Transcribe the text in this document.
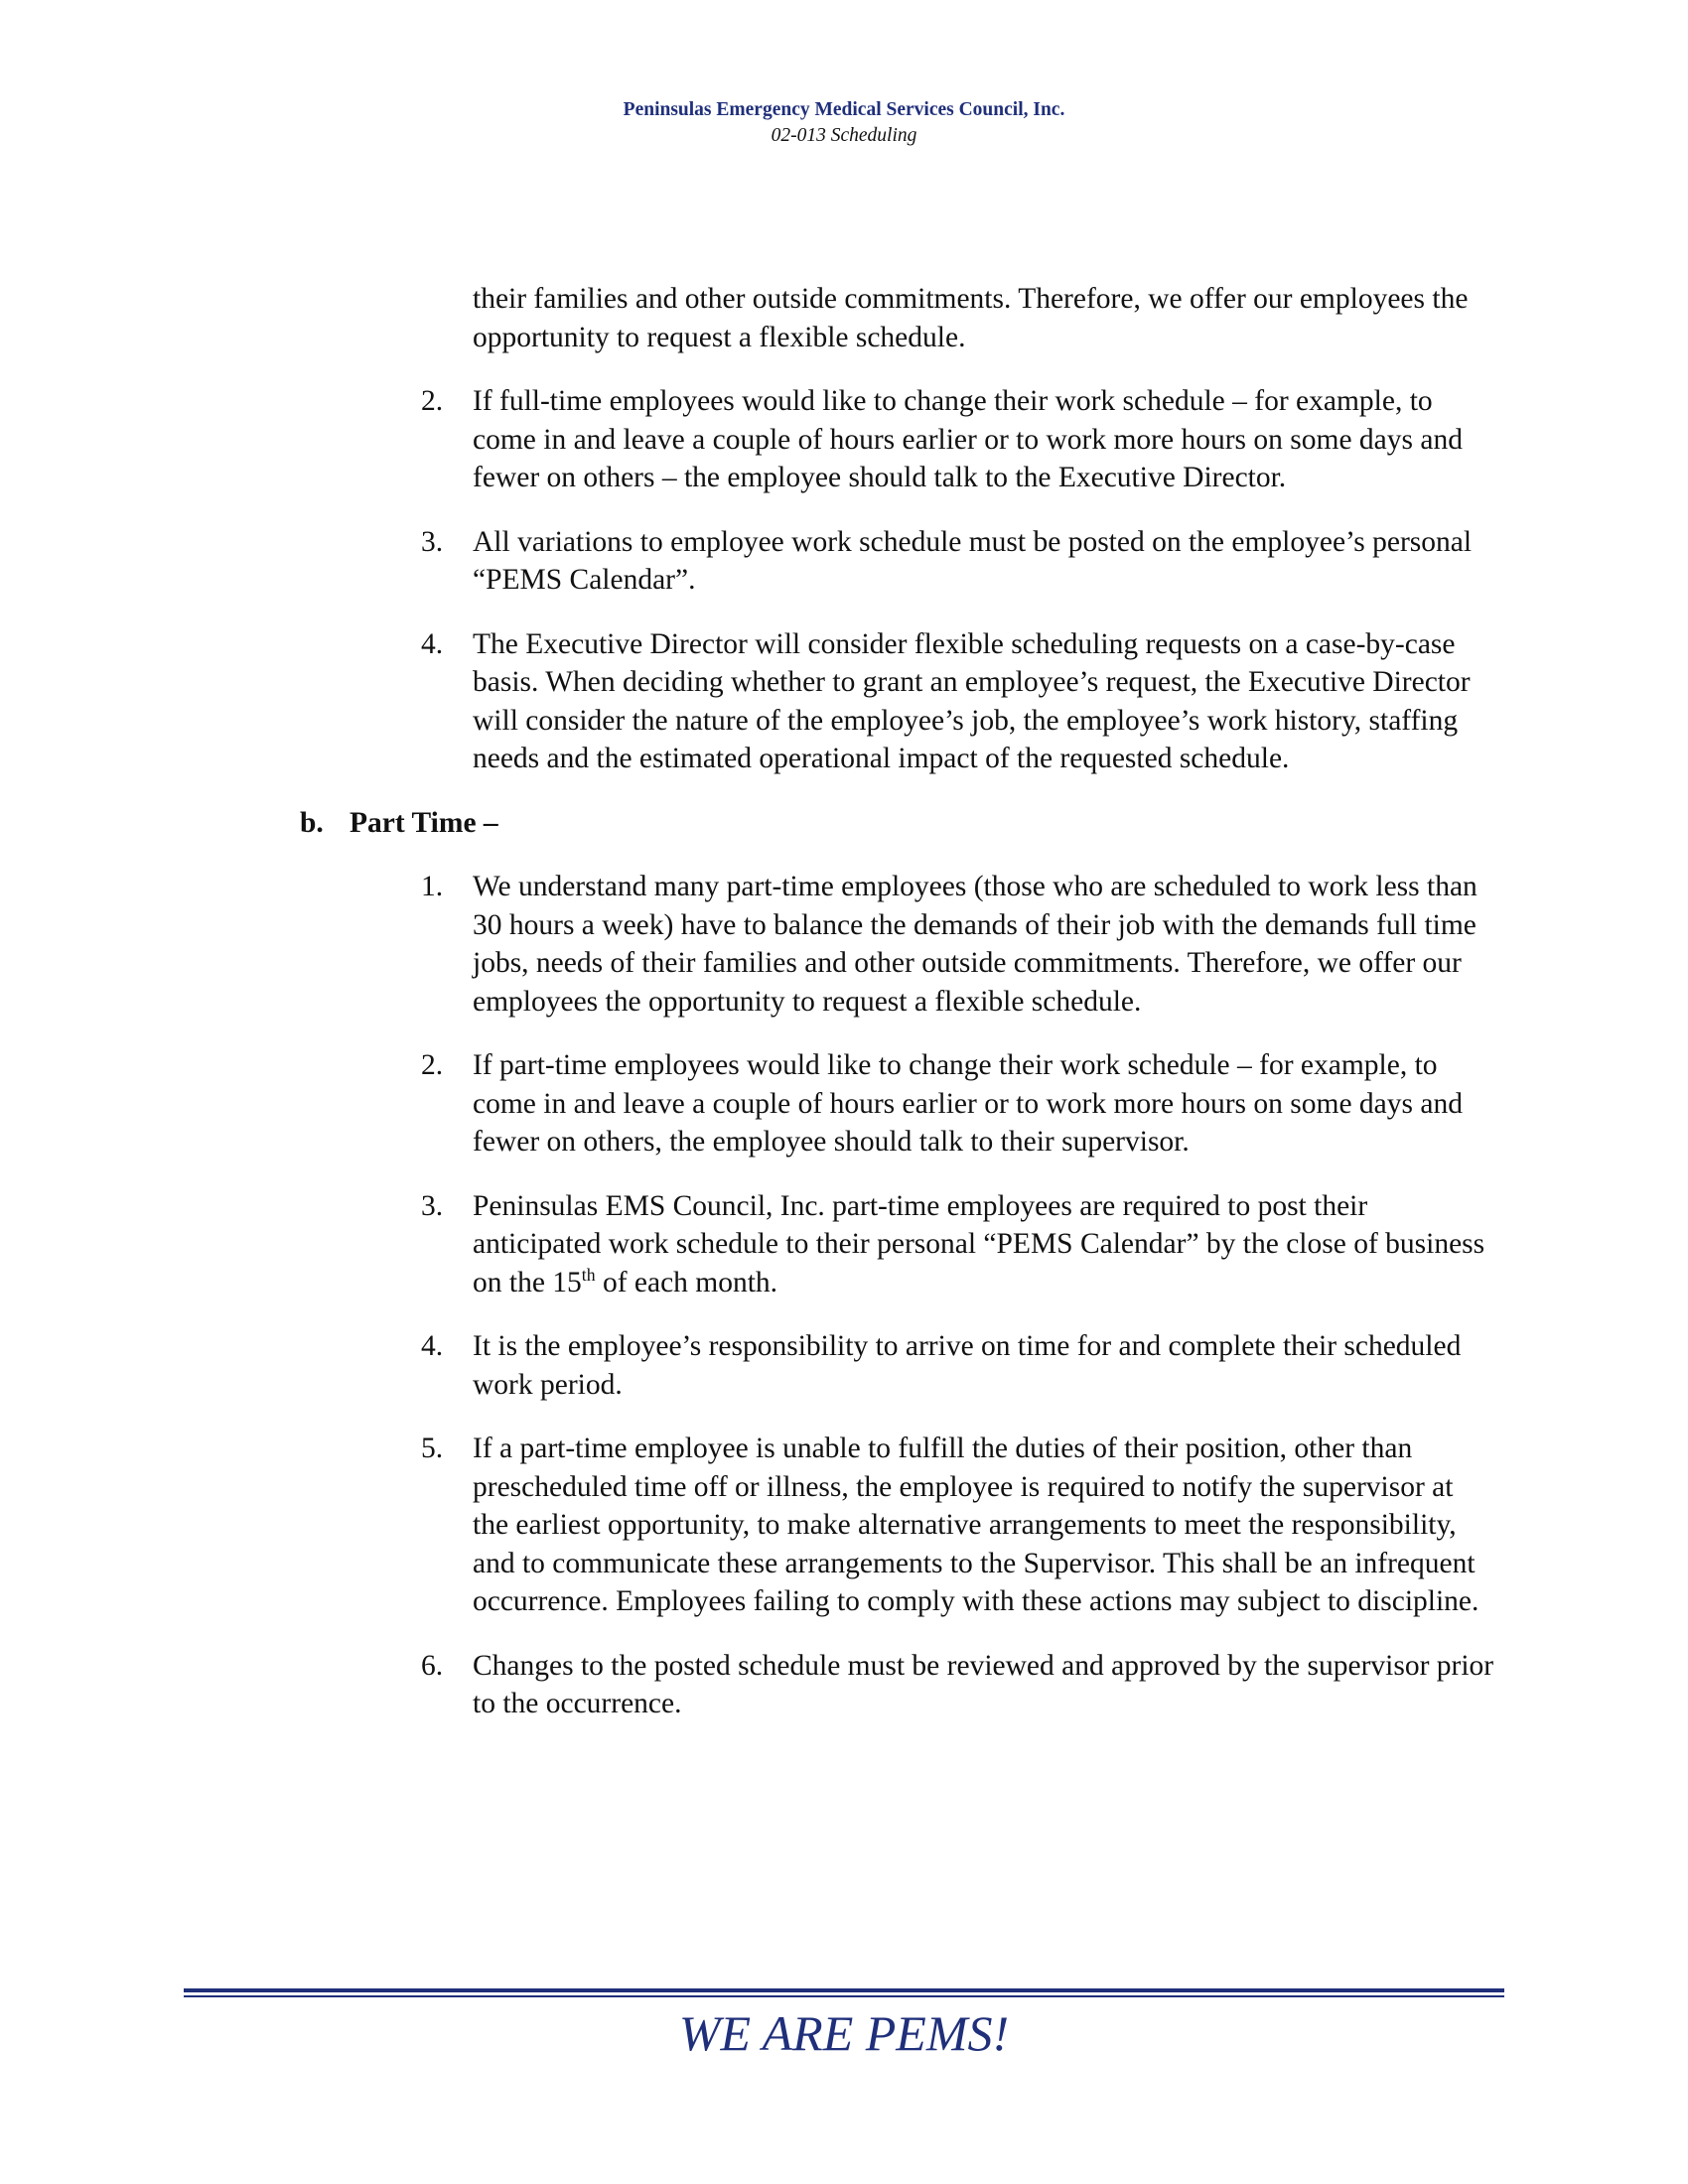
Peninsulas Emergency Medical Services Council, Inc.
02-013 Scheduling

their families and other outside commitments. Therefore, we offer our employees the opportunity to request a flexible schedule.

2.	If full-time employees would like to change their work schedule – for example, to come in and leave a couple of hours earlier or to work more hours on some days and fewer on others – the employee should talk to the Executive Director.
3.	All variations to employee work schedule must be posted on the employee’s personal “PEMS Calendar”.
4.	The Executive Director will consider flexible scheduling requests on a case-by-case basis. When deciding whether to grant an employee’s request, the Executive Director will consider the nature of the employee’s job, the employee’s work history, staffing needs and the estimated operational impact of the requested schedule.
b. Part Time –
1.	We understand many part-time employees (those who are scheduled to work less than 30 hours a week) have to balance the demands of their job with the demands full time jobs, needs of their families and other outside commitments. Therefore, we offer our employees the opportunity to request a flexible schedule.
2.	If part-time employees would like to change their work schedule – for example, to come in and leave a couple of hours earlier or to work more hours on some days and fewer on others, the employee should talk to their supervisor.
3.	Peninsulas EMS Council, Inc. part-time employees are required to post their anticipated work schedule to their personal “PEMS Calendar” by the close of business on the 15th of each month.
4.	It is the employee’s responsibility to arrive on time for and complete their scheduled work period.
5.	If a part-time employee is unable to fulfill the duties of their position, other than prescheduled time off or illness, the employee is required to notify the supervisor at the earliest opportunity, to make alternative arrangements to meet the responsibility, and to communicate these arrangements to the Supervisor. This shall be an infrequent occurrence. Employees failing to comply with these actions may subject to discipline.
6.	Changes to the posted schedule must be reviewed and approved by the supervisor prior to the occurrence.
WE ARE PEMS!
